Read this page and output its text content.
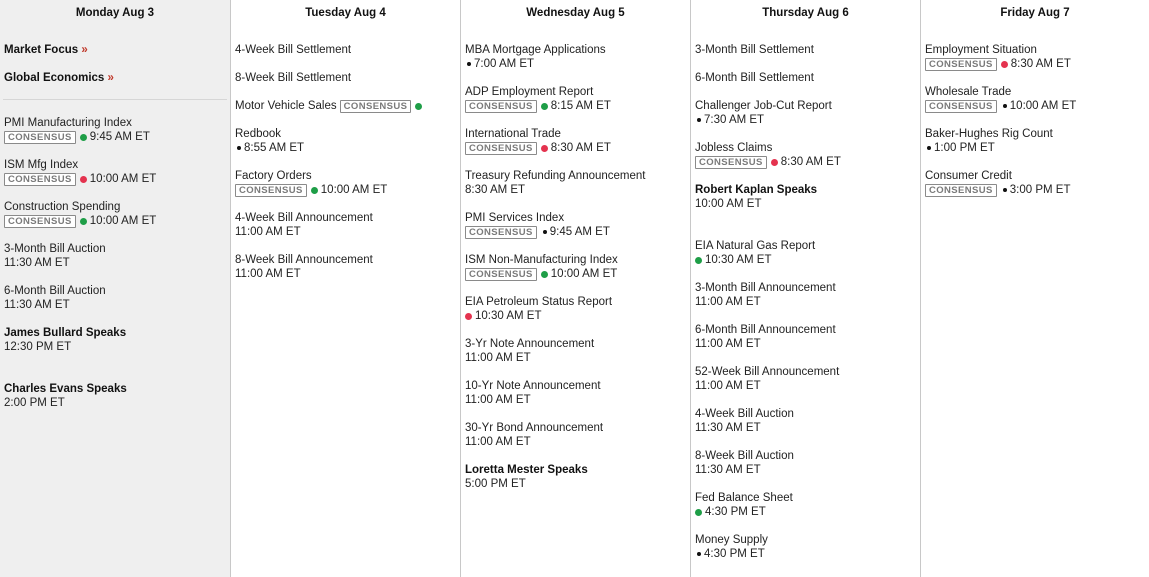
Monday Aug 3
Market Focus »
Global Economics »
PMI Manufacturing Index
CONSENSUS	9:45 AM ET
ISM Mfg Index
CONSENSUS	10:00 AM ET
Construction Spending
CONSENSUS	10:00 AM ET
3-Month Bill Auction
11:30 AM ET
6-Month Bill Auction
11:30 AM ET
James Bullard Speaks
12:30 PM ET
Charles Evans Speaks
2:00 PM ET
Tuesday Aug 4
4-Week Bill Settlement
8-Week Bill Settlement
Motor Vehicle Sales CONSENSUS
Redbook
8:55 AM ET
Factory Orders
CONSENSUS	10:00 AM ET
4-Week Bill Announcement
11:00 AM ET
8-Week Bill Announcement
11:00 AM ET
Wednesday Aug 5
MBA Mortgage Applications
7:00 AM ET
ADP Employment Report
CONSENSUS	8:15 AM ET
International Trade
CONSENSUS	8:30 AM ET
Treasury Refunding Announcement
8:30 AM ET
PMI Services Index
CONSENSUS	9:45 AM ET
ISM Non-Manufacturing Index
CONSENSUS	10:00 AM ET
EIA Petroleum Status Report
10:30 AM ET
3-Yr Note Announcement
11:00 AM ET
10-Yr Note Announcement
11:00 AM ET
30-Yr Bond Announcement
11:00 AM ET
Loretta Mester Speaks
5:00 PM ET
Thursday Aug 6
3-Month Bill Settlement
6-Month Bill Settlement
Challenger Job-Cut Report
7:30 AM ET
Jobless Claims
CONSENSUS	8:30 AM ET
Robert Kaplan Speaks
10:00 AM ET
EIA Natural Gas Report
10:30 AM ET
3-Month Bill Announcement
11:00 AM ET
6-Month Bill Announcement
11:00 AM ET
52-Week Bill Announcement
11:00 AM ET
4-Week Bill Auction
11:30 AM ET
8-Week Bill Auction
11:30 AM ET
Fed Balance Sheet
4:30 PM ET
Money Supply
4:30 PM ET
Friday Aug 7
Employment Situation
CONSENSUS	8:30 AM ET
Wholesale Trade
CONSENSUS	10:00 AM ET
Baker-Hughes Rig Count
1:00 PM ET
Consumer Credit
CONSENSUS	3:00 PM ET
